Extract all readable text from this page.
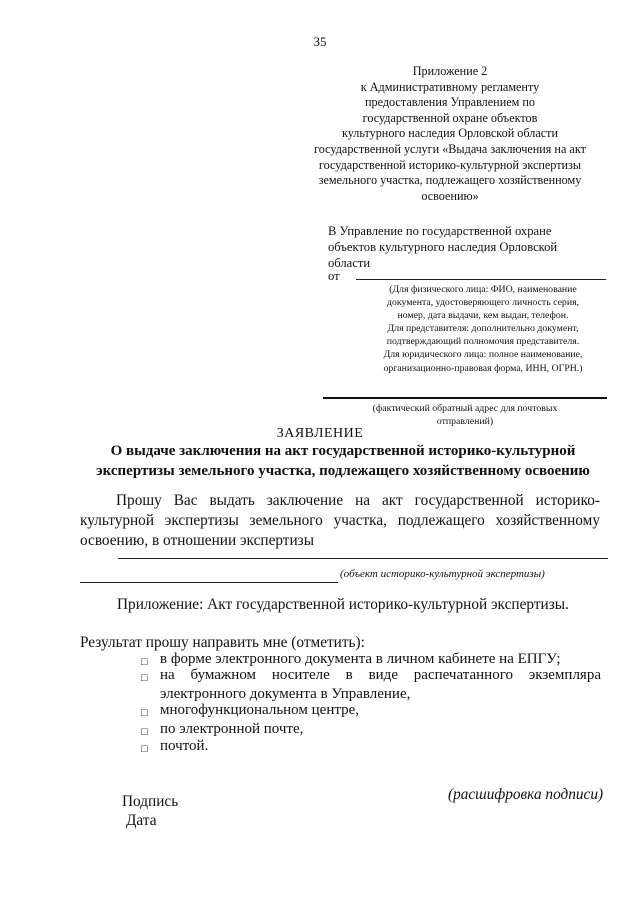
35
Приложение 2
к Административному регламенту
предоставления Управлением по
государственной охране объектов
культурного наследия Орловской области
государственной услуги «Выдача заключения на акт
государственной историко-культурной экспертизы
земельного участка, подлежащего хозяйственному
освоению»
В Управление по государственной охране
объектов культурного наследия Орловской
области
от
(Для физического лица: ФИО, наименование
документа, удостоверяющего личность серия,
номер, дата выдачи, кем выдан, телефон.
Для представителя: дополнительно документ,
подтверждающий полномочия представителя.
Для юридического лица: полное наименование,
организационно-правовая форма, ИНН, ОГРН.)
(фактический обратный адрес для почтовых
отправлений)
ЗАЯВЛЕНИЕ
О выдаче заключения на акт государственной историко-культурной экспертизы земельного участка, подлежащего хозяйственному освоению
Прошу Вас выдать заключение на акт государственной историко-культурной экспертизы земельного участка, подлежащего хозяйственному освоению, в отношении экспертизы
(объект историко-культурной экспертизы)
Приложение: Акт государственной историко-культурной экспертизы.
Результат прошу направить мне (отметить):
□ в форме электронного документа в личном кабинете на ЕПГУ;
□ на бумажном носителе в виде распечатанного экземпляра электронного документа в Управление,
□ многофункциональном центре,
□ по электронной почте,
□ почтой.
Подпись
Дата
(расшифровка подписи)
